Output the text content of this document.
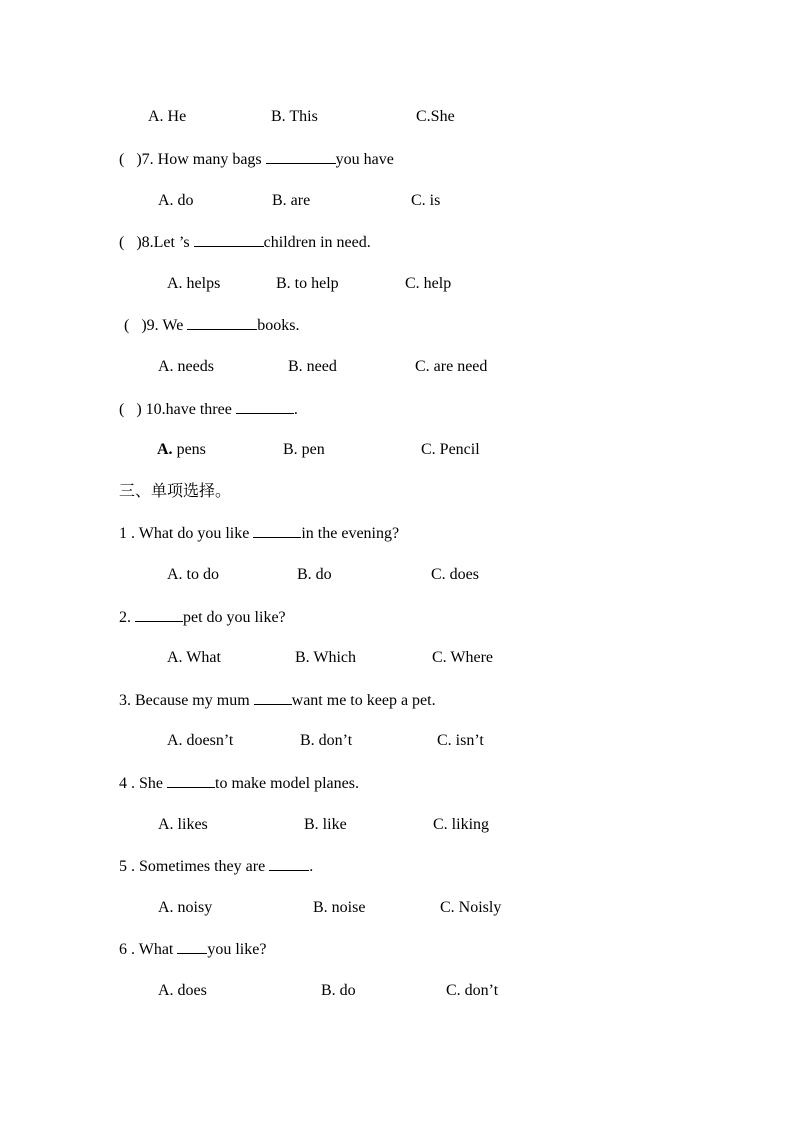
A. He	B. This	C.She
(   )7. How many bags	you have
A. do	B. are	C. is
(   )8.Let ’s	children in need.
A. helps	B. to help	C. help
(   )9. We	books.
A. needs	B. need	C. are need
(   ) 10.have three	.
A. pens	B. pen	C. Pencil
三、单项选择。
1 . What do you like	in the evening?
A. to do	B. do	C. does
2.	pet do you like?
A. What	B. Which	C. Where
3. Because my mum want me to keep a pet.
A. doesn’t	B. don’t	C. isn’t
4 . She	to make model planes.
A. likes	B. like	C. liking
5 . Sometimes they are	.
A. noisy	B. noise	C. Noisly
6 . What you like?
A. does	B. do	C. don’t
